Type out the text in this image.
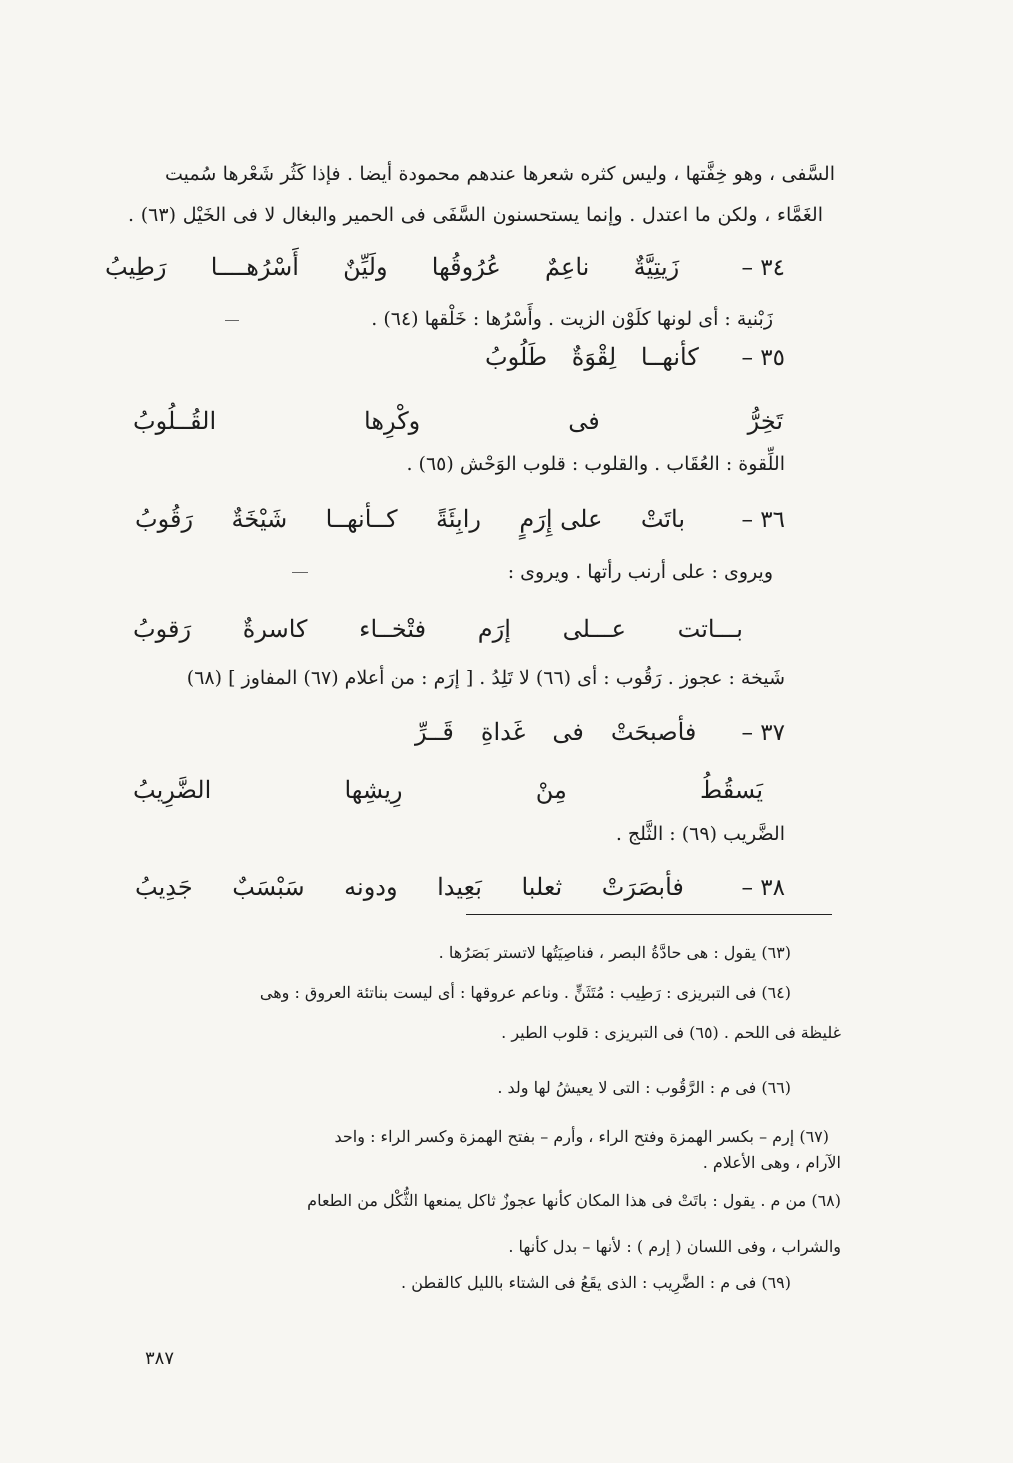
السَّفى ، وهو خِفَّتها ، وليس كثره شعرها عندهم محمودة أيضا . فإذا كَثُر شَعْرها سُميت
الغَمَّاء ، ولكن ما اعتدل . وإنما يستحسنون السَّفَى فى الحمير والبغال لا فى الخَيْل (٦٣) .
٣٤ –
زَيتِيَّةٌ
ناعِمٌ
عُرُوقُها
ولَيِّنٌ
أَسْرُهــــا
رَطِيبُ
زَبْنية : أى لونها كلَوْن الزيت . وأَسْرُها : خَلْقها (٦٤) .
٣٥ –
كأنهــا
لِقْوَةٌ
طَلُوبُ
تَخِرُّ
فى
وكْرِها
القُــلُوبُ
اللِّقوة : العُقَاب . والقلوب : قلوب الوَحْش (٦٥) .
٣٦ –
باتَتْ
على إِرَمٍ
رابِئَةً
كــأنهــا
شَيْخَةٌ
رَقُوبُ
ويروى : على أرنب رأتها . ويروى :
بـــاتت
عـــلى
إرَم
فتْخــاء
كاسرةٌ
رَقوبُ
شَيخة : عجوز . رَقُوب : أى (٦٦) لا تَلِدُ . [ إرَم : من أعلام (٦٧) المفاوز ] (٦٨)
٣٧ –
فأصبحَتْ
فى
غَداةِ
قَــرِّ
يَسقُطُ
مِنْ
رِيشِها
الضَّرِيبُ
الضَّريب (٦٩) : الثَّلج .
٣٨ –
فأبصَرَتْ
ثعلبا
بَعِيدا
ودونه
سَبْسَبٌ
جَدِيبُ
(٦٣) يقول : هى حادَّةُ البصر ، فناصِيَتُها لاتستر بَصَرُها .
(٦٤) فى التبريزى : رَطِيب : مُتَثَنٍّ . وناعم عروقها : أى ليست بناتئة العروق : وهى
غليظة فى اللحم . (٦٥) فى التبريزى : قلوب الطير .
(٦٦) فى م : الرَّقُوب : التى لا يعيشُ لها ولد .
(٦٧) إرم – بكسر الهمزة وفتح الراء ، وأرم – بفتح الهمزة وكسر الراء : واحد
الآرام ، وهى الأعلام .
(٦٨) من م . يقول : باتَتْ فى هذا المكان كأنها عجوزٌ ثاكل يمنعها الثُّكْل من الطعام
والشراب ، وفى اللسان ( إرم ) : لأنها – بدل كأنها .
(٦٩) فى م : الضَّرِيب : الذى يقَعُ فى الشتاء بالليل كالقطن .
٣٨٧
